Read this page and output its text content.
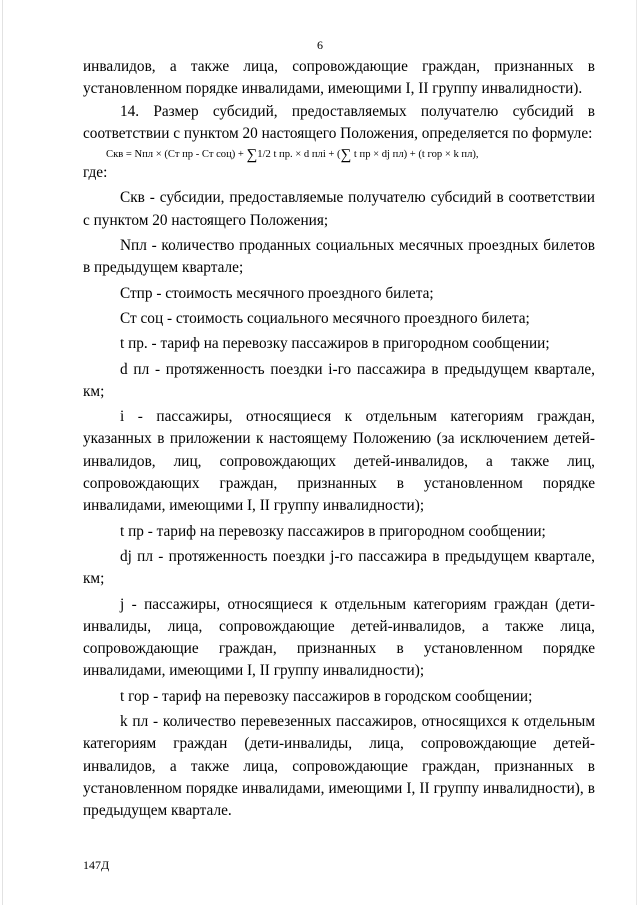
6

инвалидов, а также лица, сопровождающие граждан, признанных в установленном порядке инвалидами, имеющими I, II группу инвалидности).

14. Размер субсидий, предоставляемых получателю субсидий в соответствии с пунктом 20 настоящего Положения, определяется по формуле:

Скв = Nпл × (Ст пр - Ст соц) + ∑1/2 t пр. × d плi + (∑ t пр × dj пл) + (t гор × k пл),

где:

Скв - субсидии, предоставляемые получателю субсидий в соответствии с пунктом 20 настоящего Положения;

Nпл - количество проданных социальных месячных проездных билетов в предыдущем квартале;

Стпр - стоимость месячного проездного билета;

Ст соц - стоимость социального месячного проездного билета;

t пр. - тариф на перевозку пассажиров в пригородном сообщении;

d пл - протяженность поездки i-го пассажира в предыдущем квартале, км;

i - пассажиры, относящиеся к отдельным категориям граждан, указанных в приложении к настоящему Положению (за исключением детей-инвалидов, лиц, сопровождающих детей-инвалидов, а также лиц, сопровождающих граждан, признанных в установленном порядке инвалидами, имеющими I, II группу инвалидности);

t пр - тариф на перевозку пассажиров в пригородном сообщении;

dj пл - протяженность поездки j-го пассажира в предыдущем квартале, км;

j - пассажиры, относящиеся к отдельным категориям граждан (дети-инвалиды, лица, сопровождающие детей-инвалидов, а также лица, сопровождающие граждан, признанных в установленном порядке инвалидами, имеющими I, II группу инвалидности);

t гор - тариф на перевозку пассажиров в городском сообщении;

k пл - количество перевезенных пассажиров, относящихся к отдельным категориям граждан (дети-инвалиды, лица, сопровождающие детей-инвалидов, а также лица, сопровождающие граждан, признанных в установленном порядке инвалидами, имеющими I, II группу инвалидности), в предыдущем квартале.

147Д
